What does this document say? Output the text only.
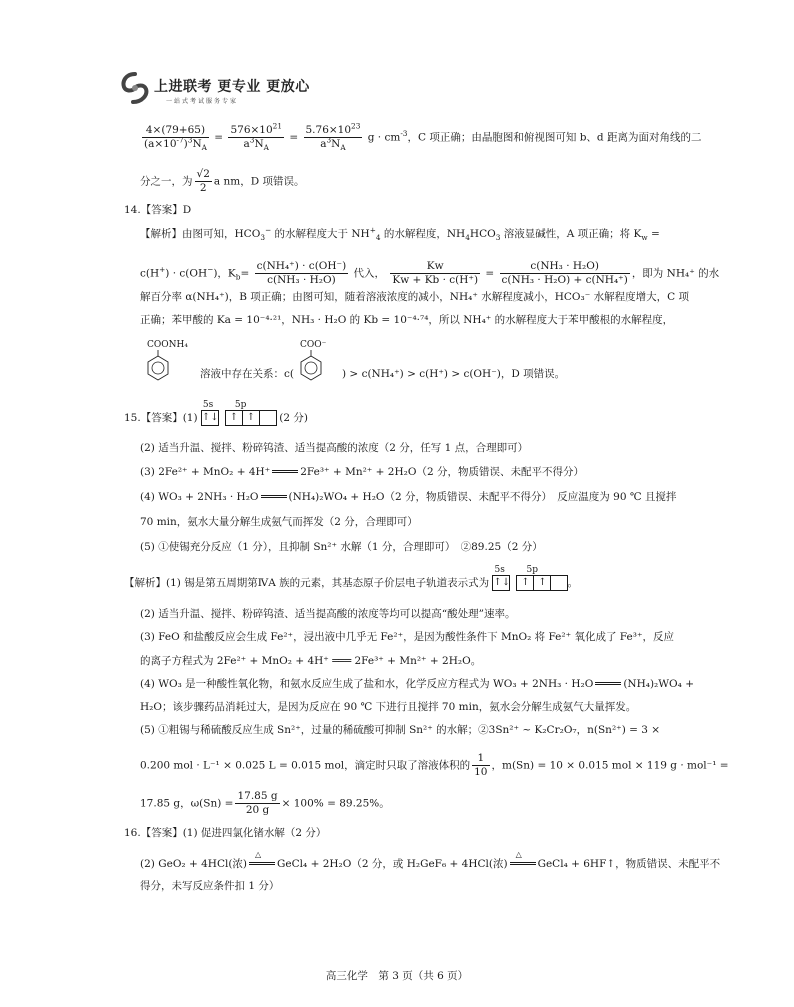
上进联考 更专业 更放心
一站式考试服务专家
$\frac{4\times(79+65)}{(a\times 10^{-7})^3N_A} = \frac{576\times 10^{21}}{a^3N_A} = \frac{5.76\times 10^{23}}{a^3N_A}$ $g \cdot cm^{-3}$，C 项正确；由晶胞图和俯视图可知 b、d 距离为面对角线的二
分之一，为 $\frac{√2}{2}$ a nm，D 项错误。
14.【答案】D
【解析】由图可知，$HCO_3^-$ 的水解程度大于 $NH^+_4$ 的水解程度，$NH_4HCO_3$ 溶液显碱性，A 项正确；将 $K_w$ =
c(H+) · c(OH−)，$K_b= \frac{\text{c(NH₄⁺) · c(OH⁻)}}{\text{c(NH₃ · H₂O)}}$ 代入， $\frac{Kw}{Kw + Kb \cdot c(H^+)} = \frac{\text{c(NH₃ · H₂O)}}{\text{c(NH₃ · H₂O) + c(NH₄⁺)}}$ ，即为 NH₄⁺ 的水
解百分率 α(NH₄⁺)，B 项正确；由图可知，随着溶液浓度的减小，NH₄⁺ 水解程度减小，HCO₃⁻ 水解程度增大，C 项
正确；苯甲酸的 Ka = 10⁻⁴·²¹，NH₃ · H₂O 的 Kb = 10⁻⁴·⁷⁴，所以 NH₄⁺ 的水解程度大于苯甲酸根的水解程度，
COONH₄
溶液中存在关系：c(
COO⁻
) > c(NH₄⁺) > c(H⁺) > c(OH⁻)，D 项错误。
15.【答案】(1)
5s 5p
↑↓ ↑ ↑ (2 分)
(2) 适当升温、搅拌、粉碎钨渣、适当提高酸的浓度（2 分，任写 1 点，合理即可）
(3) 2Fe²⁺ + MnO₂ + 4H⁺	2Fe³⁺ + Mn²⁺ + 2H₂O（2 分，物质错误、未配平不得分）
(4) WO₃ + 2NH₃ · H₂O	(NH₄)₂WO₄ + H₂O（2 分，物质错误、未配平不得分）　反应温度为 90 ℃ 且搅拌
70 min，氨水大量分解生成氨气而挥发（2 分，合理即可）
(5) ①使锡充分反应（1 分），且抑制 Sn²⁺ 水解（1 分，合理即可）　②89.25（2 分）
【解析】(1) 锡是第五周期第ⅣA 族的元素，其基态原子价层电子轨道表示式为
5s 5p
↑↓ ↑ ↑ 。
(2) 适当升温、搅拌、粉碎钨渣、适当提高酸的浓度等均可以提高“酸处理”速率。
(3) FeO 和盐酸反应会生成 Fe²⁺，浸出液中几乎无 Fe²⁺，是因为酸性条件下 MnO₂ 将 Fe²⁺ 氧化成了 Fe³⁺，反应
的离子方程式为 2Fe²⁺ + MnO₂ + 4H⁺ ═══ 2Fe³⁺ + Mn²⁺ + 2H₂O。
(4) WO₃ 是一种酸性氧化物，和氨水反应生成了盐和水，化学反应方程式为 WO₃ + 2NH₃ · H₂O	(NH₄)₂WO₄ +
H₂O；该步骤药品消耗过大，是因为反应在 90 ℃ 下进行且搅拌 70 min，氨水会分解生成氨气大量挥发。
(5) ①粗锡与稀硫酸反应生成 Sn²⁺，过量的稀硫酸可抑制 Sn²⁺ 的水解；②3Sn²⁺ ~ K₂Cr₂O₇，n(Sn²⁺) = 3 ×
0.200 mol · L⁻¹ × 0.025 L = 0.015 mol，滴定时只取了溶液体积的 $\frac{1}{10}$ ，m(Sn) = 10 × 0.015 mol × 119 g · mol⁻¹ =
17.85 g，$\omega(Sn) = \frac{17.85 g}{20 g} \times 100\% = 89.25\%$。
16.【答案】(1) 促进四氯化锗水解（2 分）
(2) GeO₂ + 4HCl(浓)
△
GeCl₄ + 2H₂O（2 分，或 H₂GeF₆ + 4HCl(浓)
△
GeCl₄ + 6HF↑，物质错误、未配平不
得分，未写反应条件扣 1 分）
高三化学　第 3 页（共 6 页）
